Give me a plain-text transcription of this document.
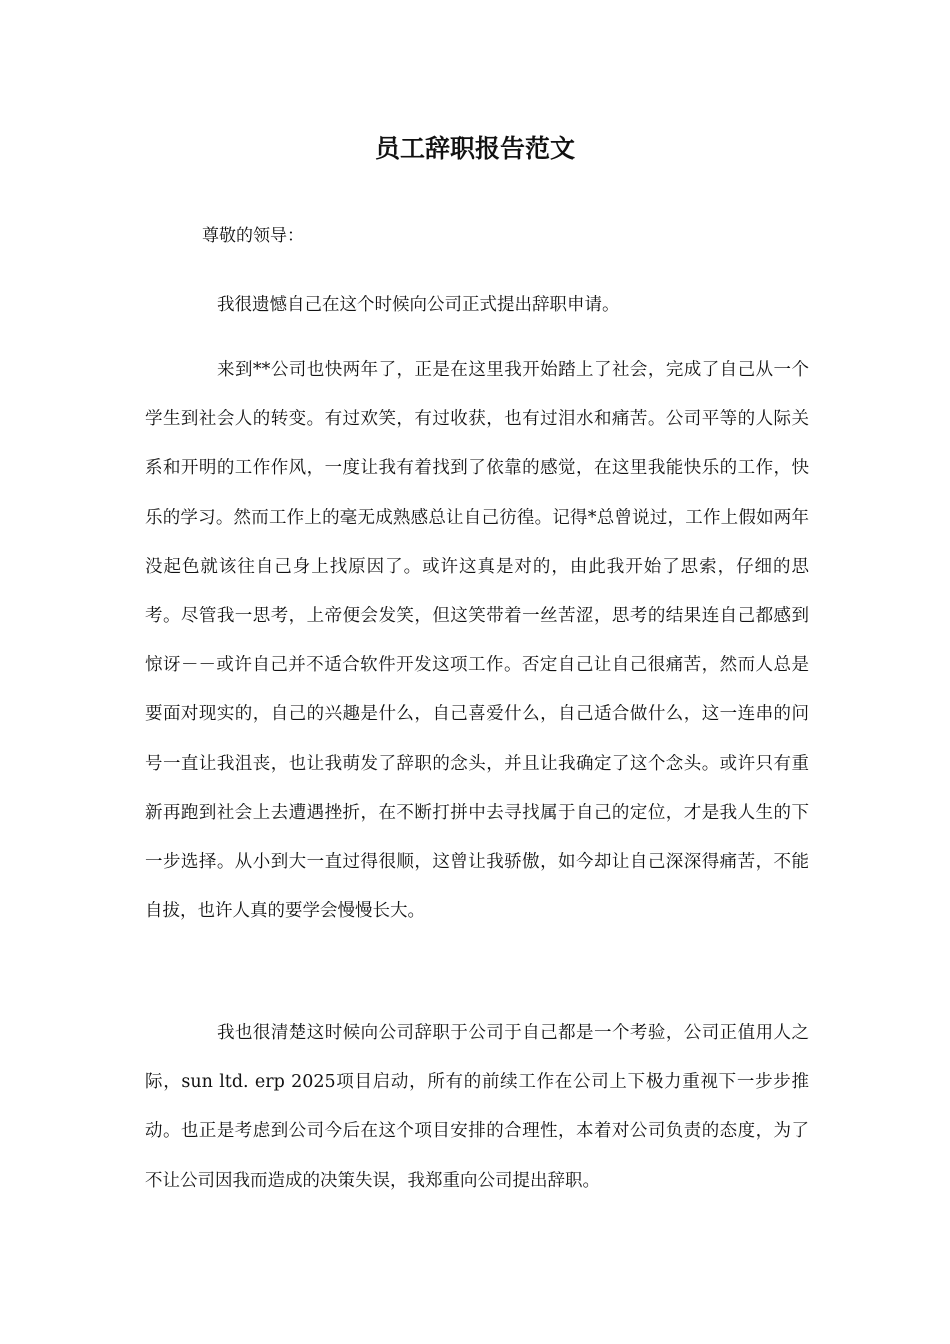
员工辞职报告范文

尊敬的领导：

我很遗憾自己在这个时候向公司正式提出辞职申请。

来到**公司也快两年了，正是在这里我开始踏上了社会，完成了自己从一个学生到社会人的转变。有过欢笑，有过收获，也有过泪水和痛苦。公司平等的人际关系和开明的工作作风，一度让我有着找到了依靠的感觉，在这里我能快乐的工作，快乐的学习。然而工作上的毫无成熟感总让自己彷徨。记得*总曾说过，工作上假如两年没起色就该往自己身上找原因了。或许这真是对的，由此我开始了思索，仔细的思考。尽管我一思考，上帝便会发笑，但这笑带着一丝苦涩，思考的结果连自己都感到惊讶－－或许自己并不适合软件开发这项工作。否定自己让自己很痛苦，然而人总是要面对现实的，自己的兴趣是什么，自己喜爱什么，自己适合做什么，这一连串的问号一直让我沮丧，也让我萌发了辞职的念头，并且让我确定了这个念头。或许只有重新再跑到社会上去遭遇挫折，在不断打拼中去寻找属于自己的定位，才是我人生的下一步选择。从小到大一直过得很顺，这曾让我骄傲，如今却让自己深深得痛苦，不能自拔，也许人真的要学会慢慢长大。

我也很清楚这时候向公司辞职于公司于自己都是一个考验，公司正值用人之际，sun ltd. erp 2025项目启动，所有的前续工作在公司上下极力重视下一步步推动。也正是考虑到公司今后在这个项目安排的合理性，本着对公司负责的态度，为了不让公司因我而造成的决策失误，我郑重向公司提出辞职。
